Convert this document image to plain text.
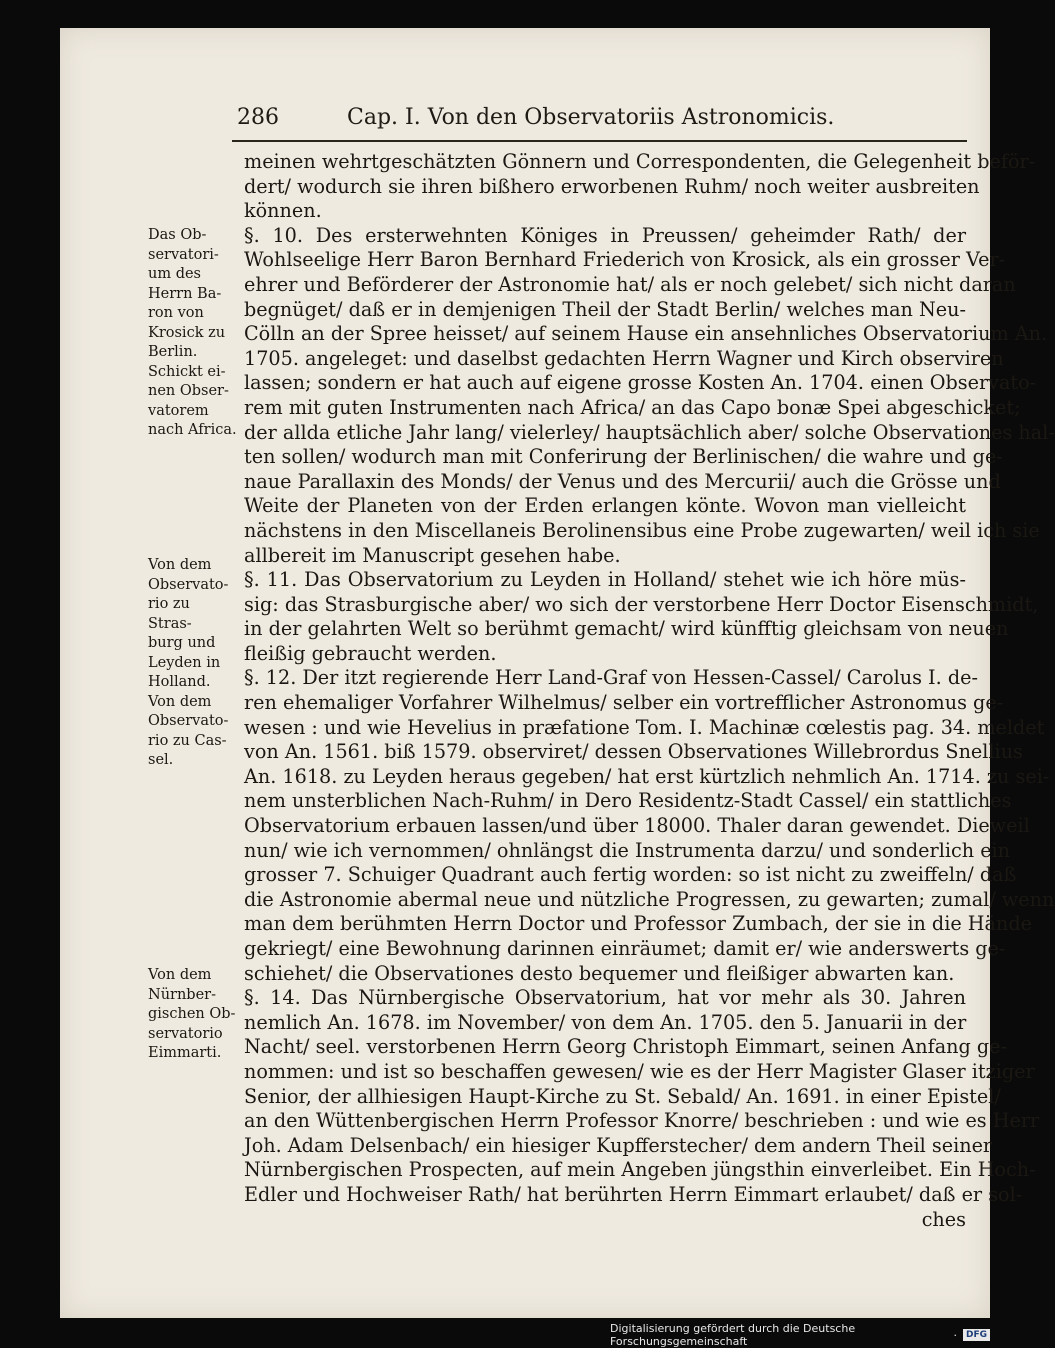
286	Cap. I. Von den Observatoriis Astronomicis.
meinen wehrtgeschätzten Gönnern und Correspondenten, die Gelegenheit beför-
dert/ wodurch sie ihren bißhero erworbenen Ruhm/ noch weiter ausbreiten
können.
§. 10. Des ersterwehnten Königes in Preussen/ geheimder Rath/ der
Wohlseelige Herr Baron Bernhard Friederich von Krosick, als ein grosser Ver-
ehrer und Beförderer der Astronomie hat/ als er noch gelebet/ sich nicht daran
begnüget/ daß er in demjenigen Theil der Stadt Berlin/ welches man Neu-
Cölln an der Spree heisset/ auf seinem Hause ein ansehnliches Observatorium An.
1705. angeleget: und daselbst gedachten Herrn Wagner und Kirch observiren
lassen; sondern er hat auch auf eigene grosse Kosten An. 1704. einen Observato-
rem mit guten Instrumenten nach Africa/ an das Capo bonæ Spei abgeschicket;
der allda etliche Jahr lang/ vielerley/ hauptsächlich aber/ solche Observationes hal-
ten sollen/ wodurch man mit Conferirung der Berlinischen/ die wahre und ge-
naue Parallaxin des Monds/ der Venus und des Mercurii/ auch die Grösse und
Weite der Planeten von der Erden erlangen könte. Wovon man vielleicht
nächstens in den Miscellaneis Berolinensibus eine Probe zugewarten/ weil ich sie
allbereit im Manuscript gesehen habe.
§. 11. Das Observatorium zu Leyden in Holland/ stehet wie ich höre müs-
sig: das Strasburgische aber/ wo sich der verstorbene Herr Doctor Eisenschmidt,
in der gelahrten Welt so berühmt gemacht/ wird künfftig gleichsam von neuen
fleißig gebraucht werden.
§. 12. Der itzt regierende Herr Land-Graf von Hessen-Cassel/ Carolus I. de-
ren ehemaliger Vorfahrer Wilhelmus/ selber ein vortrefflicher Astronomus ge-
wesen : und wie Hevelius in præfatione Tom. I. Machinæ cœlestis pag. 34. meldet
von An. 1561. biß 1579. observiret/ dessen Observationes Willebrordus Snellius
An. 1618. zu Leyden heraus gegeben/ hat erst kürtzlich nehmlich An. 1714. zu sei-
nem unsterblichen Nach-Ruhm/ in Dero Residentz-Stadt Cassel/ ein stattliches
Observatorium erbauen lassen/und über 18000. Thaler daran gewendet. Dieweil
nun/ wie ich vernommen/ ohnlängst die Instrumenta darzu/ und sonderlich ein
grosser 7. Schuiger Quadrant auch fertig worden: so ist nicht zu zweiffeln/ daß
die Astronomie abermal neue und nützliche Progressen, zu gewarten; zumal/ wenn
man dem berühmten Herrn Doctor und Professor Zumbach, der sie in die Hände
gekriegt/ eine Bewohnung darinnen einräumet; damit er/ wie anderswerts ge-
schiehet/ die Observationes desto bequemer und fleißiger abwarten kan.
§. 14. Das Nürnbergische Observatorium, hat vor mehr als 30. Jahren
nemlich An. 1678. im November/ von dem An. 1705. den 5. Januarii in der
Nacht/ seel. verstorbenen Herrn Georg Christoph Eimmart, seinen Anfang ge-
nommen: und ist so beschaffen gewesen/ wie es der Herr Magister Glaser itziger
Senior, der allhiesigen Haupt-Kirche zu St. Sebald/ An. 1691. in einer Epistel/
an den Wüttenbergischen Herrn Professor Knorre/ beschrieben : und wie es Herr
Joh. Adam Delsenbach/ ein hiesiger Kupfferstecher/ dem andern Theil seiner
Nürnbergischen Prospecten, auf mein Angeben jüngsthin einverleibet. Ein Hoch-
Edler und Hochweiser Rath/ hat berührten Herrn Eimmart erlaubet/ daß er sol-
ches
Das Ob-
servatori-
um des
Herrn Ba-
ron von
Krosick zu
Berlin.
Schickt ei-
nen Obser-
vatorem
nach Africa.
Von dem
Observato-
rio zu
Stras-
burg und
Leyden in
Holland.
Von dem
Observato-
rio zu Cas-
sel.
Von dem
Nürnber-
gischen Ob-
servatorio
Eimmarti.
Digitalisierung gefördert durch die Deutsche Forschungsgemeinschaft	·	DFG
